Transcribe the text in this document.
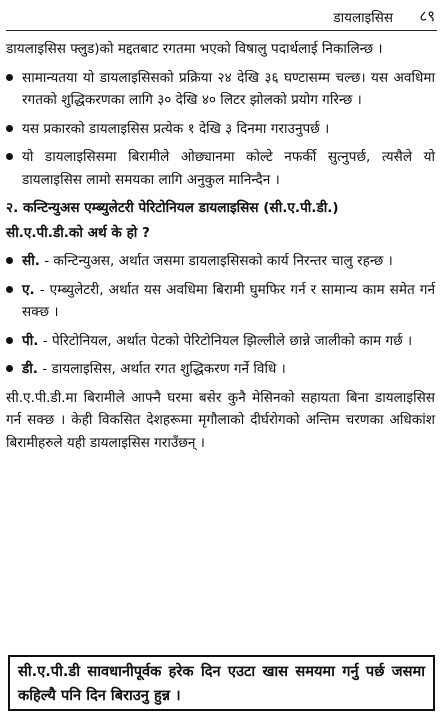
डायलाइसिस ८९

डायलाइसिस फ्लुड)को मद्दतबाट रगतमा भएको विषालु पदार्थलाई निकालिन्छ ।

सामान्यतया यो डायलाइसिसको प्रक्रिया २४ देखि ३६ घण्टासम्म चल्छ। यस अवधिमा रगतको शुद्धिकरणका लागि ३० देखि ४० लिटर झोलको प्रयोग गरिन्छ ।
यस प्रकारको डायलाइसिस प्रत्येक १ देखि ३ दिनमा गराउनुपर्छ ।
यो डायलाइसिसमा बिरामीले ओछ्यानमा कोल्टे नफर्की सुत्नुपर्छ, त्यसैले यो डायलाइसिस लामो समयका लागि अनुकुल मानिन्दैन ।
२. कन्टिन्युअस एम्ब्युलेटरी पेरिटोनियल डायलाइसिस (सी.ए.पी.डी.)
सी.ए.पी.डी.को अर्थ के हो ?
सी. - कन्टिन्युअस, अर्थात जसमा डायलाइसिसको कार्य निरन्तर चालु रहन्छ ।
ए. - एम्ब्युलेटरी, अर्थात यस अवधिमा बिरामी घुमफिर गर्न र सामान्य काम समेत गर्न सक्छ ।
पी. - पेरिटोनियल, अर्थात पेटको पेरिटोनियल झिल्लीले छान्ने जालीको काम गर्छ ।
डी. - डायलाइसिस, अर्थात रगत शुद्धिकरण गर्ने विधि ।

सी.ए.पी.डी.मा बिरामीले आफ्नै घरमा बसेर कुनै मेसिनको सहायता बिना डायलाइसिस गर्न सक्छ । केही विकसित देशहरूमा मृगौलाको दीर्घरोगको अन्तिम चरणका अधिकांश बिरामीहरुले यही डायलाइसिस गराउँछन् ।

सी.ए.पी.डी सावधानीपूर्वक हरेक दिन एउटा खास समयमा गर्नु पर्छ जसमा कहिल्यै पनि दिन बिराउनु हुन्न ।
